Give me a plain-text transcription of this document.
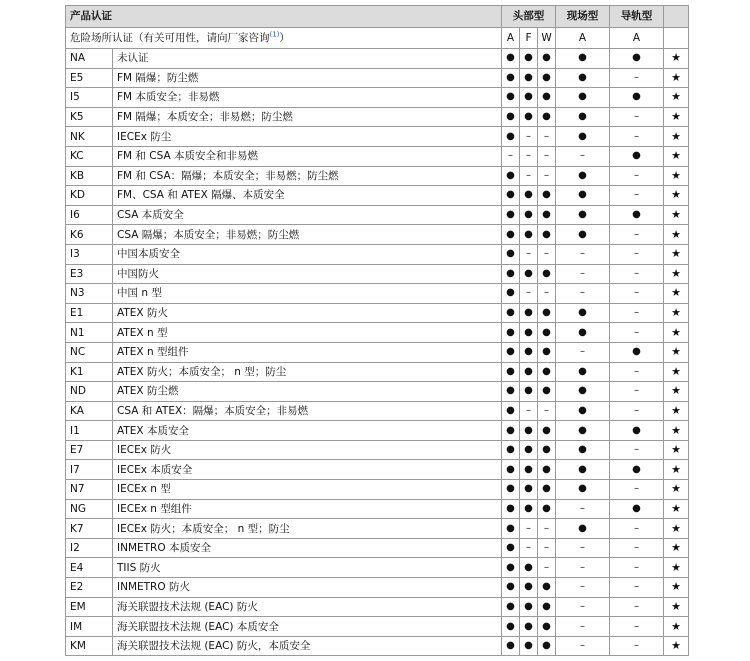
产品认证		头部型			现场型	导轨型	
危险场所认证（有关可用性，请向厂家咨询$^{(1)}$）		A	F	W	A	A	
NA	未认证	●	●	●	●	●	★
E5	FM 隔爆；防尘燃	●	●	●	●	–	★
I5	FM 本质安全；非易燃	●	●	●	●	●	★
K5	FM 隔爆；本质安全；非易燃；防尘燃	●	●	●	●	–	★
NK	IECEx 防尘	●	–	–	●	–	★
KC	FM 和 CSA 本质安全和非易燃	–	–	–	–	●	★
KB	FM 和 CSA：隔爆；本质安全；非易燃；防尘燃	●	–	–	●	–	★
KD	FM、CSA 和 ATEX 隔爆、本质安全	●	●	●	●	–	★
I6	CSA 本质安全	●	●	●	●	●	★
K6	CSA 隔爆；本质安全；非易燃；防尘燃	●	●	●	●	–	★
I3	中国本质安全	●	–	–	–	–	★
E3	中国防火	●	●	●	–	–	★
N3	中国 n 型	●	–	–	–	–	★
E1	ATEX 防火	●	●	●	●	–	★
N1	ATEX n 型	●	●	●	●	–	★
NC	ATEX n 型组件	●	●	●	–	●	★
K1	ATEX 防火；本质安全； n 型；防尘	●	●	●	●	–	★
ND	ATEX 防尘燃	●	●	●	●	–	★
KA	CSA 和 ATEX：隔爆；本质安全；非易燃	●	–	–	●	–	★
I1	ATEX 本质安全	●	●	●	●	●	★
E7	IECEx 防火	●	●	●	●	–	★
I7	IECEx 本质安全	●	●	●	●	●	★
N7	IECEx n 型	●	●	●	●	–	★
NG	IECEx n 型组件	●	●	●	–	●	★
K7	IECEx 防火；本质安全； n 型；防尘	●	–	–	●	–	★
I2	INMETRO 本质安全	●	–	–	–	–	★
E4	TIIS 防火	●	●	–	–	–	★
E2	INMETRO 防火	●	●	●	–	–	★
EM	海关联盟技术法规 (EAC) 防火	●	●	●	–	–	★
IM	海关联盟技术法规 (EAC) 本质安全	●	●	●	–	–	★
KM	海关联盟技术法规 (EAC) 防火，本质安全	●	●	●	–	–	★
